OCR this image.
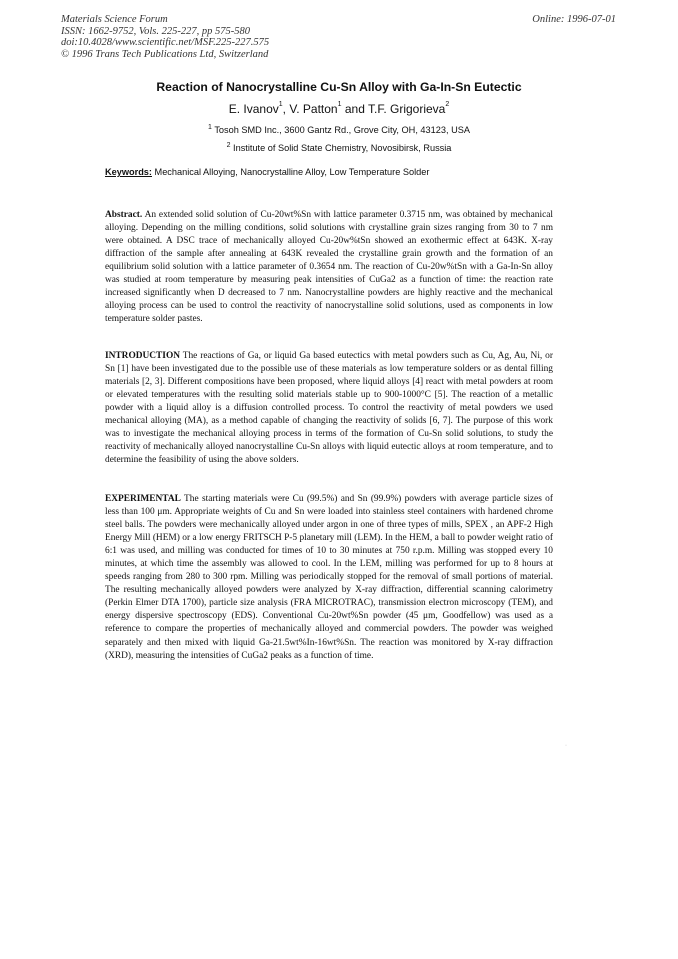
Materials Science Forum
ISSN: 1662-9752, Vols. 225-227, pp 575-580
doi:10.4028/www.scientific.net/MSF.225-227.575
© 1996 Trans Tech Publications Ltd, Switzerland
Online: 1996-07-01
Reaction of Nanocrystalline Cu-Sn Alloy with Ga-In-Sn Eutectic
E. Ivanov$^1$, V. Patton$^1$ and T.F. Grigorieva$^2$
$^1$ Tosoh SMD Inc., 3600 Gantz Rd., Grove City, OH, 43123, USA
$^2$ Institute of Solid State Chemistry, Novosibirsk, Russia
Keywords: Mechanical Alloying, Nanocrystalline Alloy, Low Temperature Solder
Abstract. An extended solid solution of Cu-20wt%Sn with lattice parameter 0.3715 nm, was obtained by mechanical alloying. Depending on the milling conditions, solid solutions with crystalline grain sizes ranging from 30 to 7 nm were obtained. A DSC trace of mechanically alloyed Cu-20w%tSn showed an exothermic effect at 643K. X-ray diffraction of the sample after annealing at 643K revealed the crystalline grain growth and the formation of an equilibrium solid solution with a lattice parameter of 0.3654 nm. The reaction of Cu-20w%tSn with a Ga-In-Sn alloy was studied at room temperature by measuring peak intensities of CuGa2 as a function of time: the reaction rate increased significantly when D decreased to 7 nm. Nanocrystalline powders are highly reactive and the mechanical alloying process can be used to control the reactivity of nanocrystalline solid solutions, used as components in low temperature solder pastes.
INTRODUCTION The reactions of Ga, or liquid Ga based eutectics with metal powders such as Cu, Ag, Au, Ni, or Sn [1] have been investigated due to the possible use of these materials as low temperature solders or as dental filling materials [2, 3]. Different compositions have been proposed, where liquid alloys [4] react with metal powders at room or elevated temperatures with the resulting solid materials stable up to 900-1000°C [5]. The reaction of a metallic powder with a liquid alloy is a diffusion controlled process. To control the reactivity of metal powders we used mechanical alloying (MA), as a method capable of changing the reactivity of solids [6, 7]. The purpose of this work was to investigate the mechanical alloying process in terms of the formation of Cu-Sn solid solutions, to study the reactivity of mechanically alloyed nanocrystalline Cu-Sn alloys with liquid eutectic alloys at room temperature, and to determine the feasibility of using the above solders.
EXPERIMENTAL The starting materials were Cu (99.5%) and Sn (99.9%) powders with average particle sizes of less than 100 μm. Appropriate weights of Cu and Sn were loaded into stainless steel containers with hardened chrome steel balls. The powders were mechanically alloyed under argon in one of three types of mills, SPEX , an APF-2 High Energy Mill (HEM) or a low energy FRITSCH P-5 planetary mill (LEM). In the HEM, a ball to powder weight ratio of 6:1 was used, and milling was conducted for times of 10 to 30 minutes at 750 r.p.m. Milling was stopped every 10 minutes, at which time the assembly was allowed to cool. In the LEM, milling was performed for up to 8 hours at speeds ranging from 280 to 300 rpm. Milling was periodically stopped for the removal of small portions of material. The resulting mechanically alloyed powders were analyzed by X-ray diffraction, differential scanning calorimetry (Perkin Elmer DTA 1700), particle size analysis (FRA MICROTRAC), transmission electron microscopy (TEM), and energy dispersive spectroscopy (EDS). Conventional Cu-20wt%Sn powder (45 μm, Goodfellow) was used as a reference to compare the properties of mechanically alloyed and commercial powders. The powder was weighed separately and then mixed with liquid Ga-21.5wt%In-16wt%Sn. The reaction was monitored by X-ray diffraction (XRD), measuring the intensities of CuGa2 peaks as a function of time.
·
